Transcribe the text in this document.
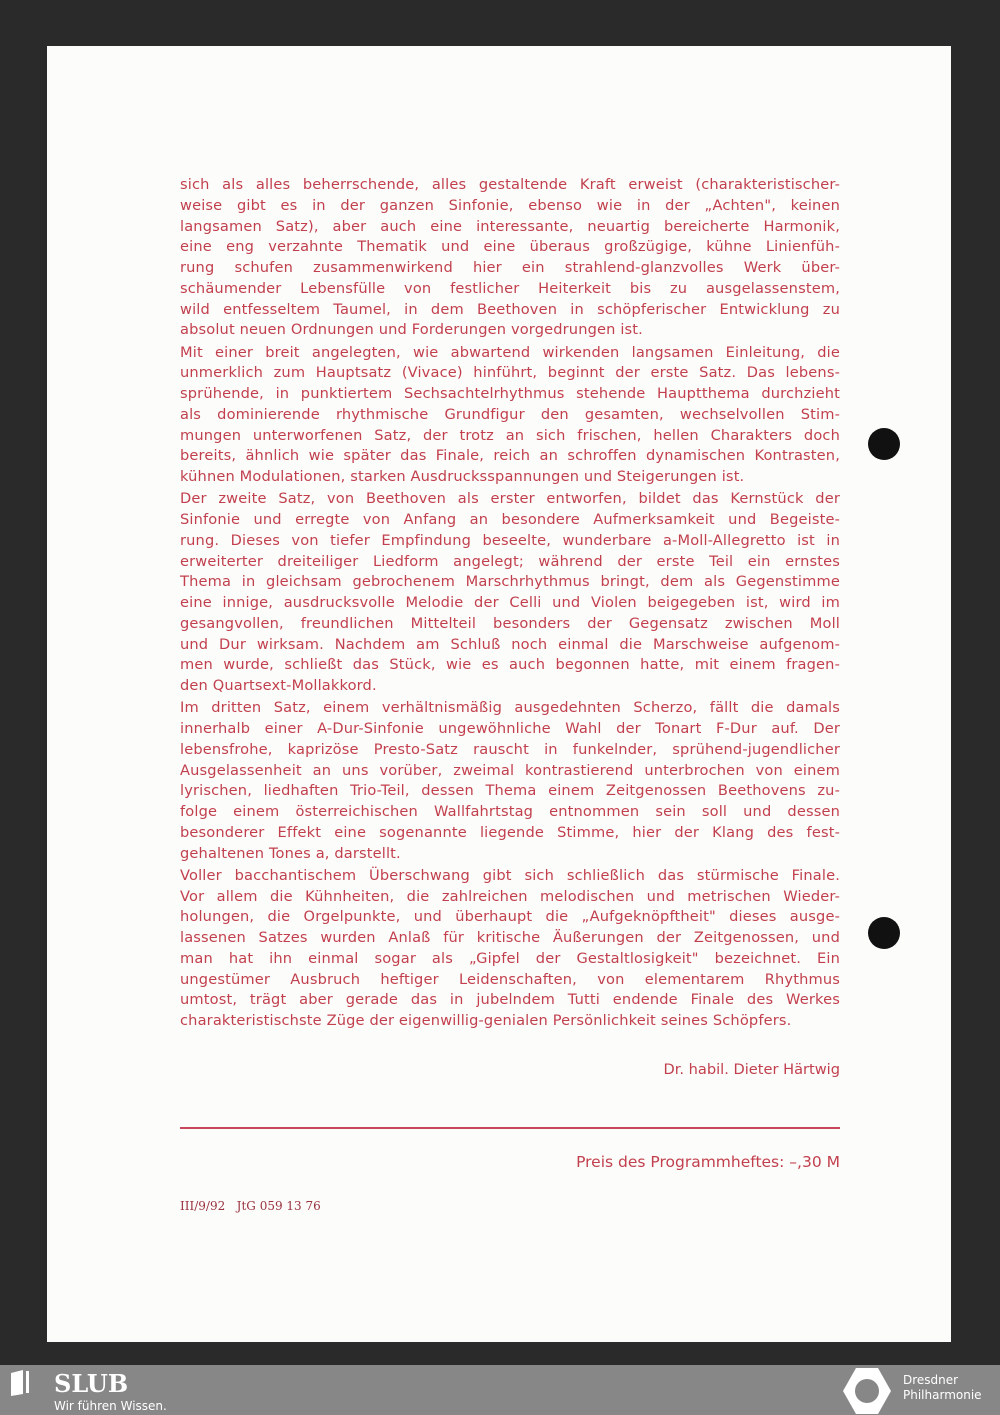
sich als alles beherrschende, alles gestaltende Kraft erweist (charakteristischer-
weise gibt es in der ganzen Sinfonie, ebenso wie in der „Achten", keinen
langsamen Satz), aber auch eine interessante, neuartig bereicherte Harmonik,
eine eng verzahnte Thematik und eine überaus großzügige, kühne Linienfüh-
rung schufen zusammenwirkend hier ein strahlend-glanzvolles Werk über-
schäumender Lebensfülle von festlicher Heiterkeit bis zu ausgelassenstem,
wild entfesseltem Taumel, in dem Beethoven in schöpferischer Entwicklung zu
absolut neuen Ordnungen und Forderungen vorgedrungen ist.
Mit einer breit angelegten, wie abwartend wirkenden langsamen Einleitung, die
unmerklich zum Hauptsatz (Vivace) hinführt, beginnt der erste Satz. Das lebens-
sprühende, in punktiertem Sechsachtelrhythmus stehende Hauptthema durchzieht
als dominierende rhythmische Grundfigur den gesamten, wechselvollen Stim-
mungen unterworfenen Satz, der trotz an sich frischen, hellen Charakters doch
bereits, ähnlich wie später das Finale, reich an schroffen dynamischen Kontrasten,
kühnen Modulationen, starken Ausdrucksspannungen und Steigerungen ist.
Der zweite Satz, von Beethoven als erster entworfen, bildet das Kernstück der
Sinfonie und erregte von Anfang an besondere Aufmerksamkeit und Begeiste-
rung. Dieses von tiefer Empfindung beseelte, wunderbare a-Moll-Allegretto ist in
erweiterter dreiteiliger Liedform angelegt; während der erste Teil ein ernstes
Thema in gleichsam gebrochenem Marschrhythmus bringt, dem als Gegenstimme
eine innige, ausdrucksvolle Melodie der Celli und Violen beigegeben ist, wird im
gesangvollen, freundlichen Mittelteil besonders der Gegensatz zwischen Moll
und Dur wirksam. Nachdem am Schluß noch einmal die Marschweise aufgenom-
men wurde, schließt das Stück, wie es auch begonnen hatte, mit einem fragen-
den Quartsext-Mollakkord.
Im dritten Satz, einem verhältnismäßig ausgedehnten Scherzo, fällt die damals
innerhalb einer A-Dur-Sinfonie ungewöhnliche Wahl der Tonart F-Dur auf. Der
lebensfrohe, kaprizöse Presto-Satz rauscht in funkelnder, sprühend-jugendlicher
Ausgelassenheit an uns vorüber, zweimal kontrastierend unterbrochen von einem
lyrischen, liedhaften Trio-Teil, dessen Thema einem Zeitgenossen Beethovens zu-
folge einem österreichischen Wallfahrtstag entnommen sein soll und dessen
besonderer Effekt eine sogenannte liegende Stimme, hier der Klang des fest-
gehaltenen Tones a, darstellt.
Voller bacchantischem Überschwang gibt sich schließlich das stürmische Finale.
Vor allem die Kühnheiten, die zahlreichen melodischen und metrischen Wieder-
holungen, die Orgelpunkte, und überhaupt die „Aufgeknöpftheit" dieses ausge-
lassenen Satzes wurden Anlaß für kritische Äußerungen der Zeitgenossen, und
man hat ihn einmal sogar als „Gipfel der Gestaltlosigkeit" bezeichnet. Ein
ungestümer Ausbruch heftiger Leidenschaften, von elementarem Rhythmus
umtost, trägt aber gerade das in jubelndem Tutti endende Finale des Werkes
charakteristischste Züge der eigenwillig-genialen Persönlichkeit seines Schöpfers.
Dr. habil. Dieter Härtwig
Preis des Programmheftes: –,30 M
III/9/92   JtG 059 13 76
SLUB
Wir führen Wissen.
Dresdner
Philharmonie
